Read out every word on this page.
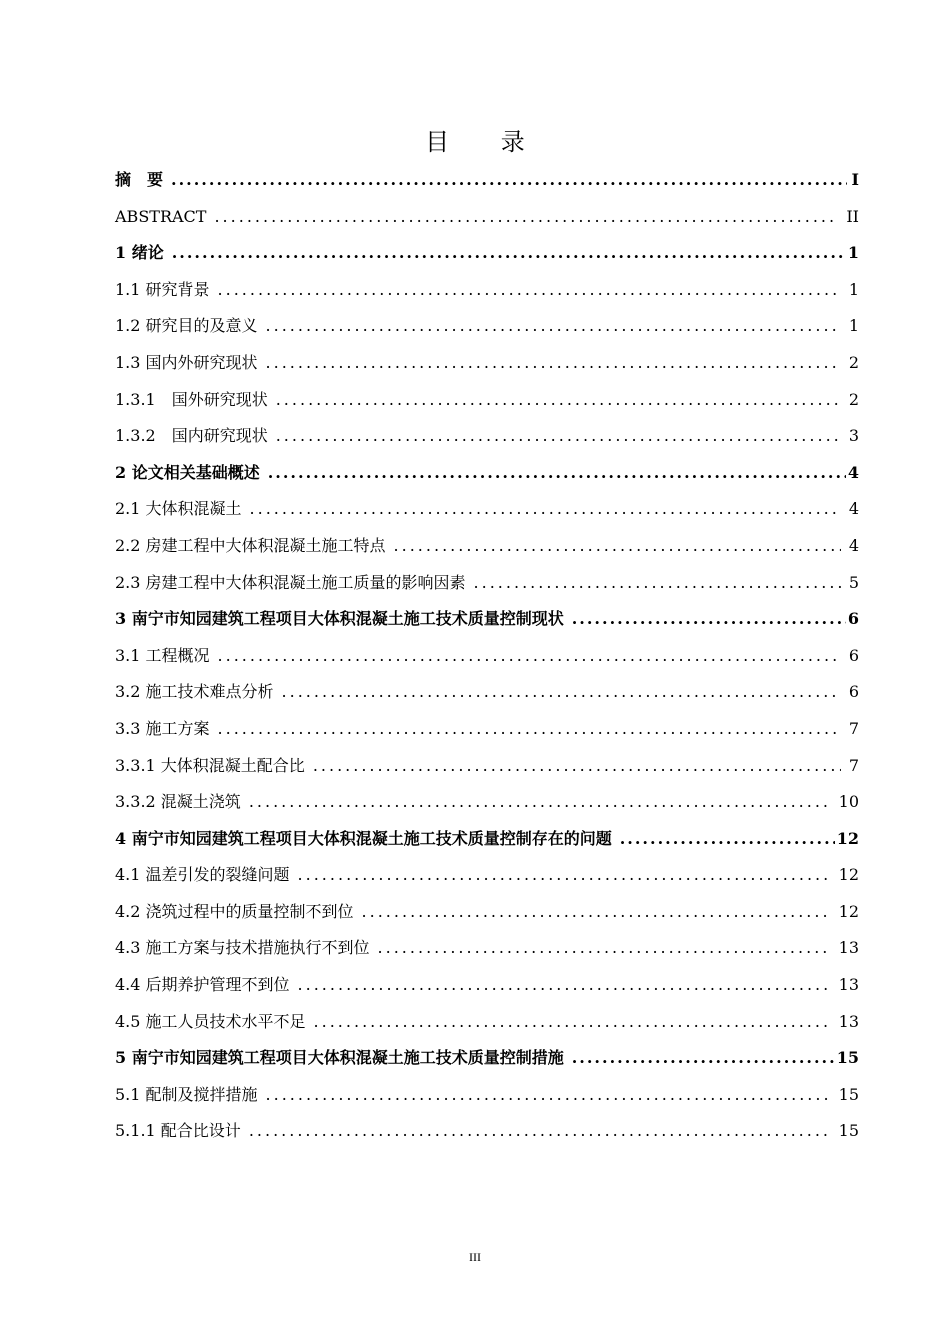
目 录
摘　要 .....	I
ABSTRACT .....	II
1 绪论 .....	1
1.1 研究背景 .....	1
1.2 研究目的及意义 .....	1
1.3 国内外研究现状 .....	2
1.3.1　国外研究现状 .....	2
1.3.2　国内研究现状 .....	3
2 论文相关基础概述 .....	4
2.1 大体积混凝土 .....	4
2.2 房建工程中大体积混凝土施工特点 .....	4
2.3 房建工程中大体积混凝土施工质量的影响因素 .....	5
3 南宁市知园建筑工程项目大体积混凝土施工技术质量控制现状 .....	6
3.1 工程概况 .....	6
3.2 施工技术难点分析 .....	6
3.3 施工方案 .....	7
3.3.1 大体积混凝土配合比 .....	7
3.3.2 混凝土浇筑 .....	10
4 南宁市知园建筑工程项目大体积混凝土施工技术质量控制存在的问题 .....	12
4.1 温差引发的裂缝问题 .....	12
4.2 浇筑过程中的质量控制不到位 .....	12
4.3 施工方案与技术措施执行不到位 .....	13
4.4 后期养护管理不到位 .....	13
4.5 施工人员技术水平不足 .....	13
5 南宁市知园建筑工程项目大体积混凝土施工技术质量控制措施 .....	15
5.1 配制及搅拌措施 .....	15
5.1.1 配合比设计 .....	15
III
